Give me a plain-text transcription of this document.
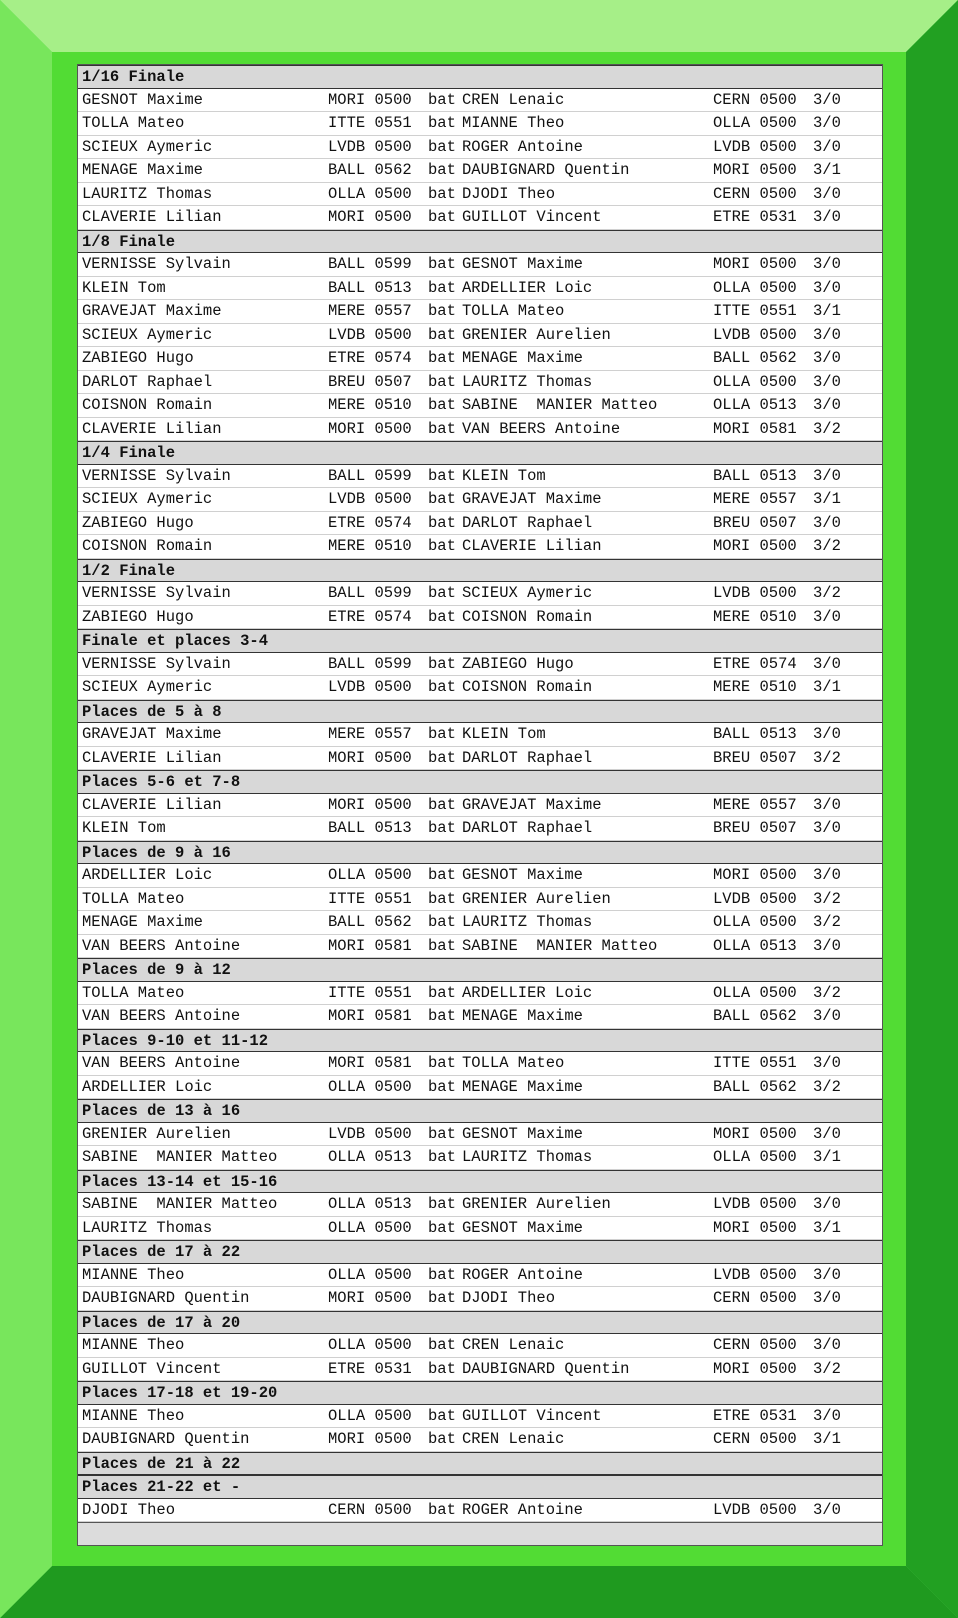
1/16 Finale
GESNOT Maxime	MORI 0500 bat CREN Lenaic	CERN 0500 3/0
TOLLA Mateo	ITTE 0551 bat MIANNE Theo	OLLA 0500 3/0
SCIEUX Aymeric	LVDB 0500 bat ROGER Antoine	LVDB 0500 3/0
MENAGE Maxime	BALL 0562 bat DAUBIGNARD Quentin	MORI 0500 3/1
LAURITZ Thomas	OLLA 0500 bat DJODI Theo	CERN 0500 3/0
CLAVERIE Lilian	MORI 0500 bat GUILLOT Vincent	ETRE 0531 3/0
1/8 Finale
VERNISSE Sylvain	BALL 0599 bat GESNOT Maxime	MORI 0500 3/0
KLEIN Tom	BALL 0513 bat ARDELLIER Loic	OLLA 0500 3/0
GRAVEJAT Maxime	MERE 0557 bat TOLLA Mateo	ITTE 0551 3/1
SCIEUX Aymeric	LVDB 0500 bat GRENIER Aurelien	LVDB 0500 3/0
ZABIEGO Hugo	ETRE 0574 bat MENAGE Maxime	BALL 0562 3/0
DARLOT Raphael	BREU 0507 bat LAURITZ Thomas	OLLA 0500 3/0
COISNON Romain	MERE 0510 bat SABINE  MANIER Matteo	OLLA 0513 3/0
CLAVERIE Lilian	MORI 0500 bat VAN BEERS Antoine	MORI 0581 3/2
1/4 Finale
VERNISSE Sylvain	BALL 0599 bat KLEIN Tom	BALL 0513 3/0
SCIEUX Aymeric	LVDB 0500 bat GRAVEJAT Maxime	MERE 0557 3/1
ZABIEGO Hugo	ETRE 0574 bat DARLOT Raphael	BREU 0507 3/0
COISNON Romain	MERE 0510 bat CLAVERIE Lilian	MORI 0500 3/2
1/2 Finale
VERNISSE Sylvain	BALL 0599 bat SCIEUX Aymeric	LVDB 0500 3/2
ZABIEGO Hugo	ETRE 0574 bat COISNON Romain	MERE 0510 3/0
Finale et places 3-4
VERNISSE Sylvain	BALL 0599 bat ZABIEGO Hugo	ETRE 0574 3/0
SCIEUX Aymeric	LVDB 0500 bat COISNON Romain	MERE 0510 3/1
Places de 5 à 8
GRAVEJAT Maxime	MERE 0557 bat KLEIN Tom	BALL 0513 3/0
CLAVERIE Lilian	MORI 0500 bat DARLOT Raphael	BREU 0507 3/2
Places 5-6 et 7-8
CLAVERIE Lilian	MORI 0500 bat GRAVEJAT Maxime	MERE 0557 3/0
KLEIN Tom	BALL 0513 bat DARLOT Raphael	BREU 0507 3/0
Places de 9 à 16
ARDELLIER Loic	OLLA 0500 bat GESNOT Maxime	MORI 0500 3/0
TOLLA Mateo	ITTE 0551 bat GRENIER Aurelien	LVDB 0500 3/2
MENAGE Maxime	BALL 0562 bat LAURITZ Thomas	OLLA 0500 3/2
VAN BEERS Antoine	MORI 0581 bat SABINE  MANIER Matteo	OLLA 0513 3/0
Places de 9 à 12
TOLLA Mateo	ITTE 0551 bat ARDELLIER Loic	OLLA 0500 3/2
VAN BEERS Antoine	MORI 0581 bat MENAGE Maxime	BALL 0562 3/0
Places 9-10 et 11-12
VAN BEERS Antoine	MORI 0581 bat TOLLA Mateo	ITTE 0551 3/0
ARDELLIER Loic	OLLA 0500 bat MENAGE Maxime	BALL 0562 3/2
Places de 13 à 16
GRENIER Aurelien	LVDB 0500 bat GESNOT Maxime	MORI 0500 3/0
SABINE  MANIER Matteo	OLLA 0513 bat LAURITZ Thomas	OLLA 0500 3/1
Places 13-14 et 15-16
SABINE  MANIER Matteo	OLLA 0513 bat GRENIER Aurelien	LVDB 0500 3/0
LAURITZ Thomas	OLLA 0500 bat GESNOT Maxime	MORI 0500 3/1
Places de 17 à 22
MIANNE Theo	OLLA 0500 bat ROGER Antoine	LVDB 0500 3/0
DAUBIGNARD Quentin	MORI 0500 bat DJODI Theo	CERN 0500 3/0
Places de 17 à 20
MIANNE Theo	OLLA 0500 bat CREN Lenaic	CERN 0500 3/0
GUILLOT Vincent	ETRE 0531 bat DAUBIGNARD Quentin	MORI 0500 3/2
Places 17-18 et 19-20
MIANNE Theo	OLLA 0500 bat GUILLOT Vincent	ETRE 0531 3/0
DAUBIGNARD Quentin	MORI 0500 bat CREN Lenaic	CERN 0500 3/1
Places de 21 à 22
Places 21-22 et -
DJODI Theo	CERN 0500 bat ROGER Antoine	LVDB 0500 3/0
